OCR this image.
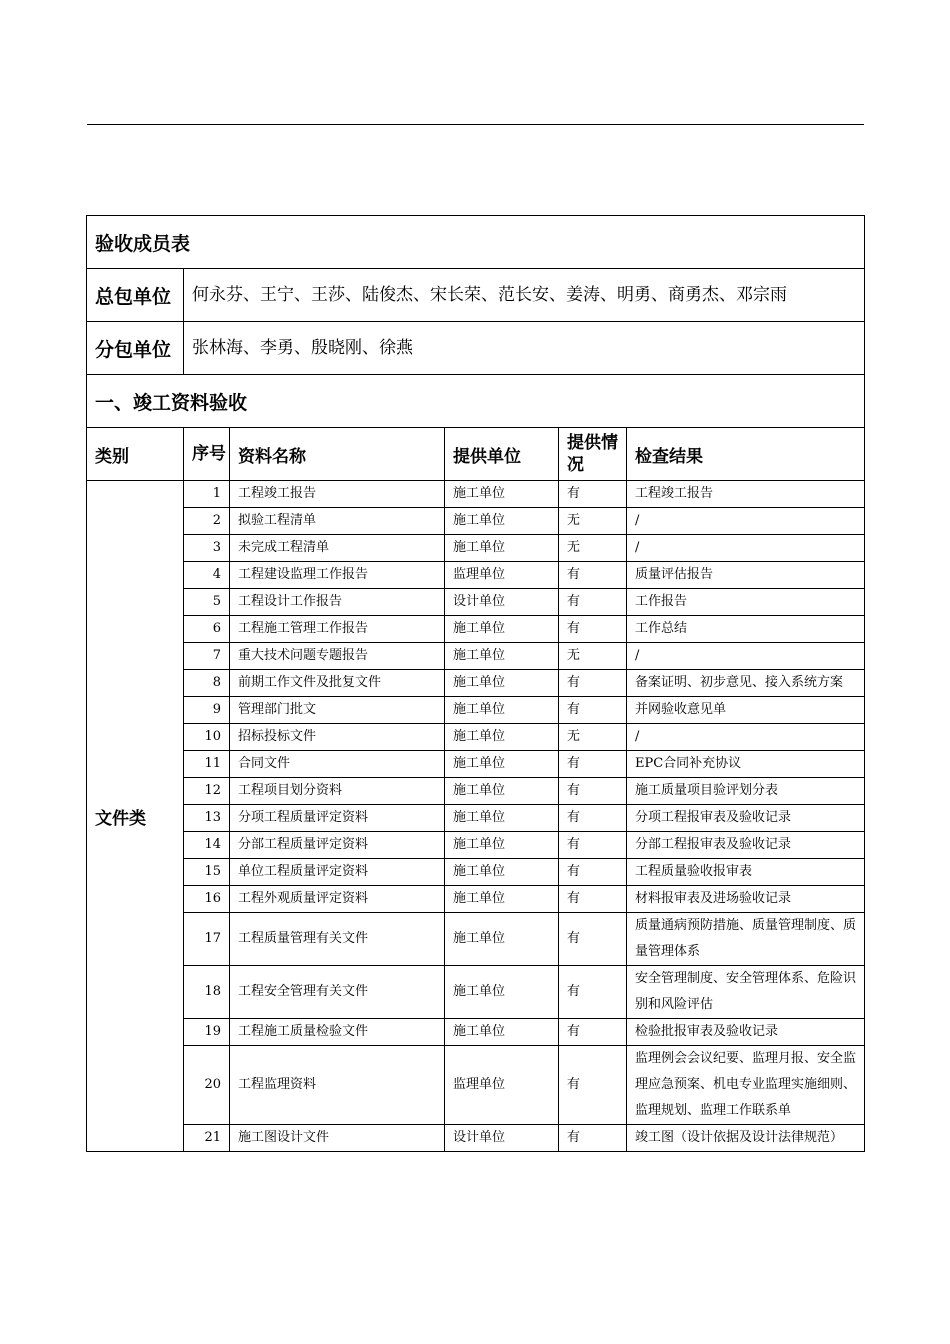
验收成员表					
总包单位	何永芬、王宁、王莎、陆俊杰、宋长荣、范长安、姜涛、明勇、商勇杰、邓宗雨				
分包单位	张林海、李勇、殷晓刚、徐燕				
一、竣工资料验收					
类别	序号	资料名称	提供单位	提供情况	检查结果
文件类	1	工程竣工报告	施工单位	有	工程竣工报告
	2	拟验工程清单	施工单位	无	/
	3	未完成工程清单	施工单位	无	/
	4	工程建设监理工作报告	监理单位	有	质量评估报告
	5	工程设计工作报告	设计单位	有	工作报告
	6	工程施工管理工作报告	施工单位	有	工作总结
	7	重大技术问题专题报告	施工单位	无	/
	8	前期工作文件及批复文件	施工单位	有	备案证明、初步意见、接入系统方案
	9	管理部门批文	施工单位	有	并网验收意见单
	10	招标投标文件	施工单位	无	/
	11	合同文件	施工单位	有	EPC合同补充协议
	12	工程项目划分资料	施工单位	有	施工质量项目验评划分表
	13	分项工程质量评定资料	施工单位	有	分项工程报审表及验收记录
	14	分部工程质量评定资料	施工单位	有	分部工程报审表及验收记录
	15	单位工程质量评定资料	施工单位	有	工程质量验收报审表
	16	工程外观质量评定资料	施工单位	有	材料报审表及进场验收记录
	17	工程质量管理有关文件	施工单位	有	质量通病预防措施、质量管理制度、质量管理体系
	18	工程安全管理有关文件	施工单位	有	安全管理制度、安全管理体系、危险识别和风险评估
	19	工程施工质量检验文件	施工单位	有	检验批报审表及验收记录
	20	工程监理资料	监理单位	有	监理例会会议纪要、监理月报、安全监理应急预案、机电专业监理实施细则、监理规划、监理工作联系单
	21	施工图设计文件	设计单位	有	竣工图（设计依据及设计法律规范）
